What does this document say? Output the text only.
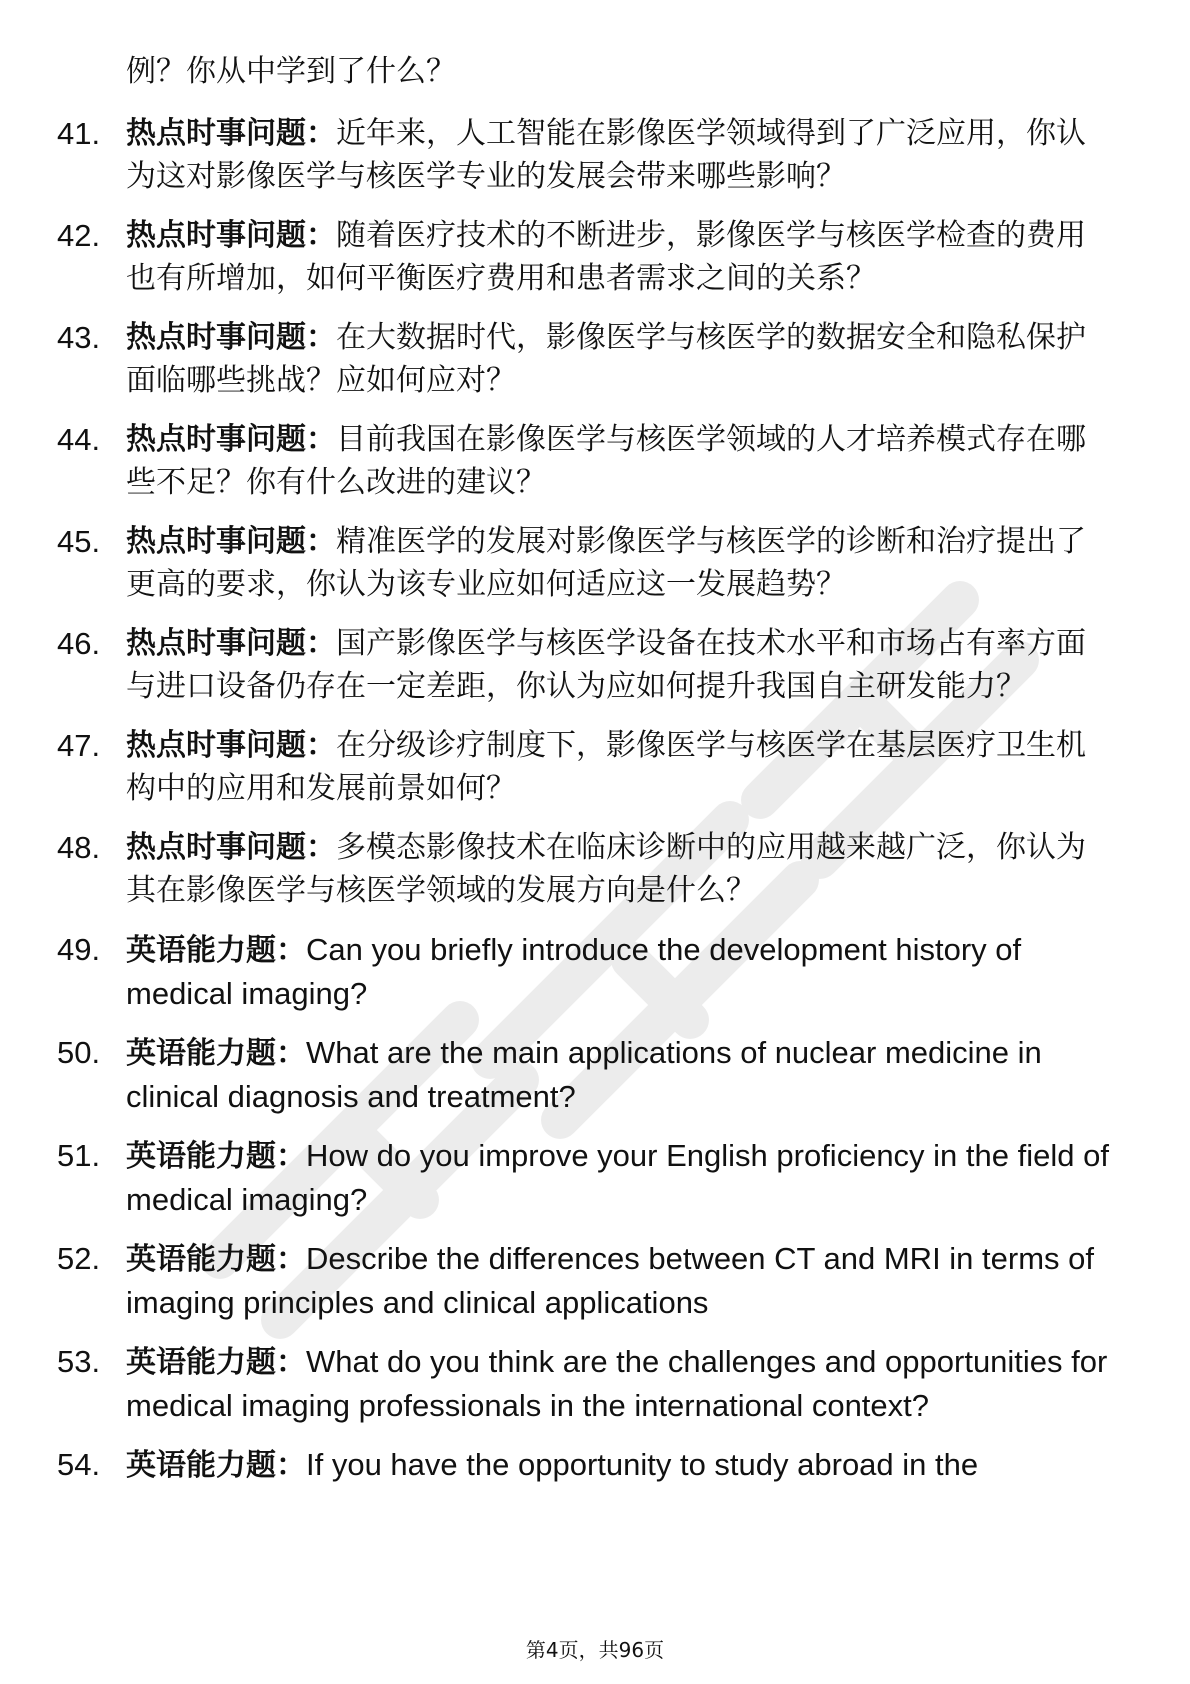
例？你从中学到了什么？
41. 热点时事问题：近年来，人工智能在影像医学领域得到了广泛应用，你认为这对影像医学与核医学专业的发展会带来哪些影响？
42. 热点时事问题：随着医疗技术的不断进步，影像医学与核医学检查的费用也有所增加，如何平衡医疗费用和患者需求之间的关系？
43. 热点时事问题：在大数据时代，影像医学与核医学的数据安全和隐私保护面临哪些挑战？应如何应对？
44. 热点时事问题：目前我国在影像医学与核医学领域的人才培养模式存在哪些不足？你有什么改进的建议？
45. 热点时事问题：精准医学的发展对影像医学与核医学的诊断和治疗提出了更高的要求，你认为该专业应如何适应这一发展趋势？
46. 热点时事问题：国产影像医学与核医学设备在技术水平和市场占有率方面与进口设备仍存在一定差距，你认为应如何提升我国自主研发能力？
47. 热点时事问题：在分级诊疗制度下，影像医学与核医学在基层医疗卫生机构中的应用和发展前景如何？
48. 热点时事问题：多模态影像技术在临床诊断中的应用越来越广泛，你认为其在影像医学与核医学领域的发展方向是什么？
49. 英语能力题：Can you briefly introduce the development history of medical imaging?
50. 英语能力题：What are the main applications of nuclear medicine in clinical diagnosis and treatment?
51. 英语能力题：How do you improve your English proficiency in the field of medical imaging?
52. 英语能力题：Describe the differences between CT and MRI in terms of imaging principles and clinical applications
53. 英语能力题：What do you think are the challenges and opportunities for medical imaging professionals in the international context?
54. 英语能力题：If you have the opportunity to study abroad in the
第4页，共96页
